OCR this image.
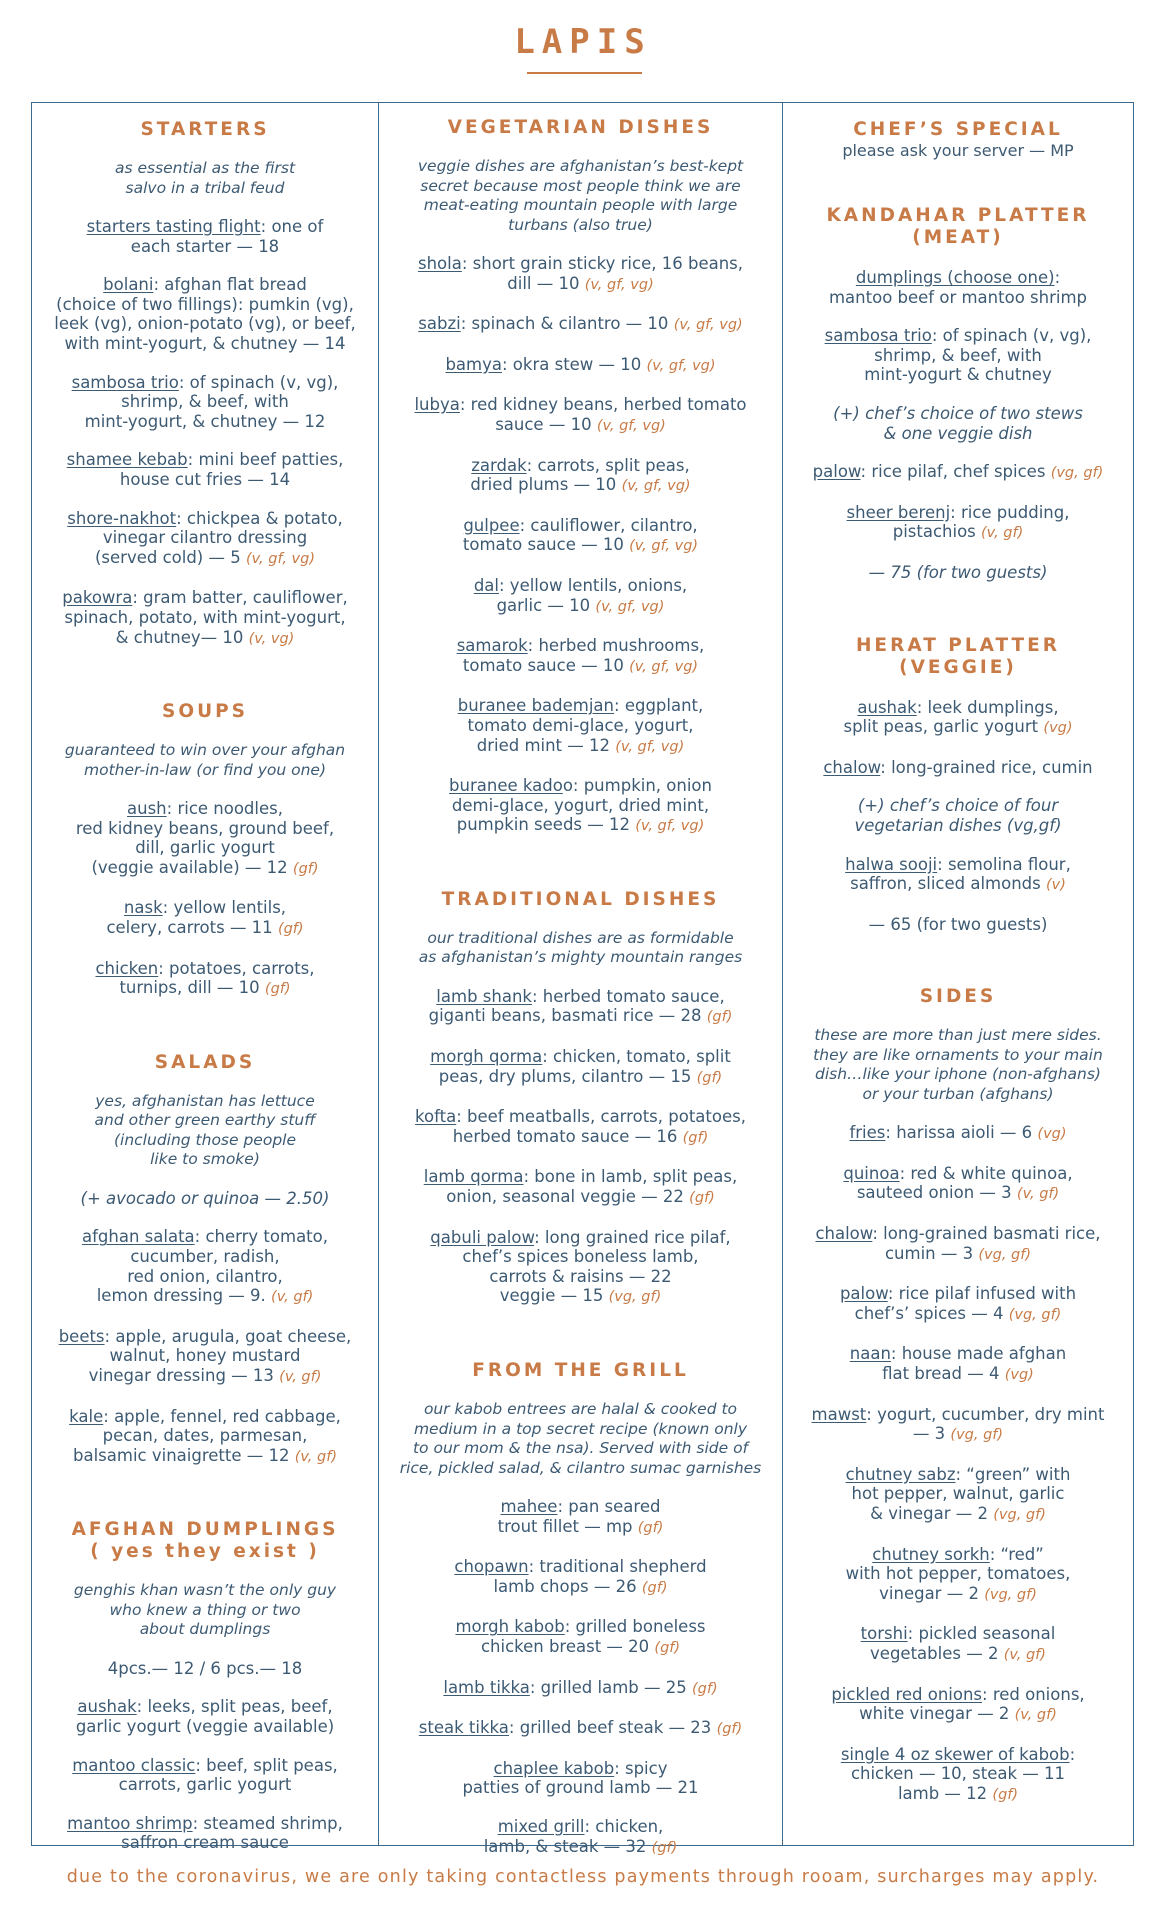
LAPIS
STARTERS

as essential as the first
salvo in a tribal feud

starters tasting flight: one of
each starter — 18

bolani: afghan flat bread
(choice of two fillings): pumkin (vg),
leek (vg), onion-potato (vg), or beef,
with mint-yogurt, & chutney — 14

sambosa trio: of spinach (v, vg),
shrimp, & beef, with
mint-yogurt, & chutney — 12

shamee kebab: mini beef patties,
house cut fries — 14

shore-nakhot: chickpea & potato,
vinegar cilantro dressing
(served cold) — 5 (v, gf, vg)

pakowra: gram batter, cauliflower,
spinach, potato, with mint-yogurt,
& chutney— 10 (v, vg)

SOUPS

guaranteed to win over your afghan
mother-in-law (or find you one)

aush: rice noodles,
red kidney beans, ground beef,
dill, garlic yogurt
(veggie available) — 12 (gf)

nask: yellow lentils,
celery, carrots — 11 (gf)

chicken: potatoes, carrots,
turnips, dill — 10 (gf)

SALADS

yes, afghanistan has lettuce
and other green earthy stuff
(including those people
like to smoke)

(+ avocado or quinoa — 2.50)

afghan salata: cherry tomato,
cucumber, radish,
red onion, cilantro,
lemon dressing — 9. (v, gf)

beets: apple, arugula, goat cheese,
walnut, honey mustard
vinegar dressing — 13 (v, gf)

kale: apple, fennel, red cabbage,
pecan, dates, parmesan,
balsamic vinaigrette — 12 (v, gf)

AFGHAN DUMPLINGS
( yes they exist )

genghis khan wasn’t the only guy
who knew a thing or two
about dumplings

4pcs.— 12 / 6 pcs.— 18

aushak: leeks, split peas, beef,
garlic yogurt (veggie available)

mantoo classic: beef, split peas,
carrots, garlic yogurt

mantoo shrimp: steamed shrimp,
saffron cream sauce

VEGETARIAN DISHES

veggie dishes are afghanistan’s best-kept
secret because most people think we are
meat-eating mountain people with large
turbans (also true)

shola: short grain sticky rice, 16 beans,
dill — 10 (v, gf, vg)

sabzi: spinach & cilantro — 10 (v, gf, vg)

bamya: okra stew — 10 (v, gf, vg)

lubya: red kidney beans, herbed tomato
sauce — 10 (v, gf, vg)

zardak: carrots, split peas,
dried plums — 10 (v, gf, vg)

gulpee: cauliflower, cilantro,
tomato sauce — 10 (v, gf, vg)

dal: yellow lentils, onions,
garlic — 10 (v, gf, vg)

samarok: herbed mushrooms,
tomato sauce — 10 (v, gf, vg)

buranee bademjan: eggplant,
tomato demi-glace, yogurt,
dried mint — 12 (v, gf, vg)

buranee kadoo: pumpkin, onion
demi-glace, yogurt, dried mint,
pumpkin seeds — 12 (v, gf, vg)

TRADITIONAL DISHES

our traditional dishes are as formidable
as afghanistan’s mighty mountain ranges

lamb shank: herbed tomato sauce,
giganti beans, basmati rice — 28 (gf)

morgh qorma: chicken, tomato, split
peas, dry plums, cilantro — 15 (gf)

kofta: beef meatballs, carrots, potatoes,
herbed tomato sauce — 16 (gf)

lamb qorma: bone in lamb, split peas,
onion, seasonal veggie — 22 (gf)

qabuli palow: long grained rice pilaf,
chef’s spices boneless lamb,
carrots & raisins — 22
veggie — 15 (vg, gf)

FROM THE GRILL

our kabob entrees are halal & cooked to
medium in a top secret recipe (known only
to our mom & the nsa). Served with side of
rice, pickled salad, & cilantro sumac garnishes

mahee: pan seared
trout fillet — mp (gf)

chopawn: traditional shepherd
lamb chops — 26 (gf)

morgh kabob: grilled boneless
chicken breast — 20 (gf)

lamb tikka: grilled lamb — 25 (gf)

steak tikka: grilled beef steak — 23 (gf)

chaplee kabob: spicy
patties of ground lamb — 21

mixed grill: chicken,
lamb, & steak — 32 (gf)

CHEF’S SPECIAL

please ask your server — MP

KANDAHAR PLATTER
(MEAT)

dumplings (choose one):
mantoo beef or mantoo shrimp

sambosa trio: of spinach (v, vg),
shrimp, & beef, with
mint-yogurt & chutney

(+) chef’s choice of two stews
& one veggie dish

palow: rice pilaf, chef spices (vg, gf)

sheer berenj: rice pudding,
pistachios (v, gf)

— 75 (for two guests)

HERAT PLATTER
(VEGGIE)

aushak: leek dumplings,
split peas, garlic yogurt (vg)

chalow: long-grained rice, cumin

(+) chef’s choice of four
vegetarian dishes (vg,gf)

halwa sooji: semolina flour,
saffron, sliced almonds (v)

— 65 (for two guests)

SIDES

these are more than just mere sides.
they are like ornaments to your main
dish…like your iphone (non-afghans)
or your turban (afghans)

fries: harissa aioli — 6 (vg)

quinoa: red & white quinoa,
sauteed onion — 3 (v, gf)

chalow: long-grained basmati rice,
cumin — 3 (vg, gf)

palow: rice pilaf infused with
chef’s’ spices — 4 (vg, gf)

naan: house made afghan
flat bread — 4 (vg)

mawst: yogurt, cucumber, dry mint
— 3 (vg, gf)

chutney sabz: “green” with
hot pepper, walnut, garlic
& vinegar — 2 (vg, gf)

chutney sorkh: “red”
with hot pepper, tomatoes,
vinegar — 2 (vg, gf)

torshi: pickled seasonal
vegetables — 2 (v, gf)

pickled red onions: red onions,
white vinegar — 2 (v, gf)

single 4 oz skewer of kabob:
chicken — 10, steak — 11
lamb — 12 (gf)

due to the coronavirus, we are only taking contactless payments through rooam, surcharges may apply.
